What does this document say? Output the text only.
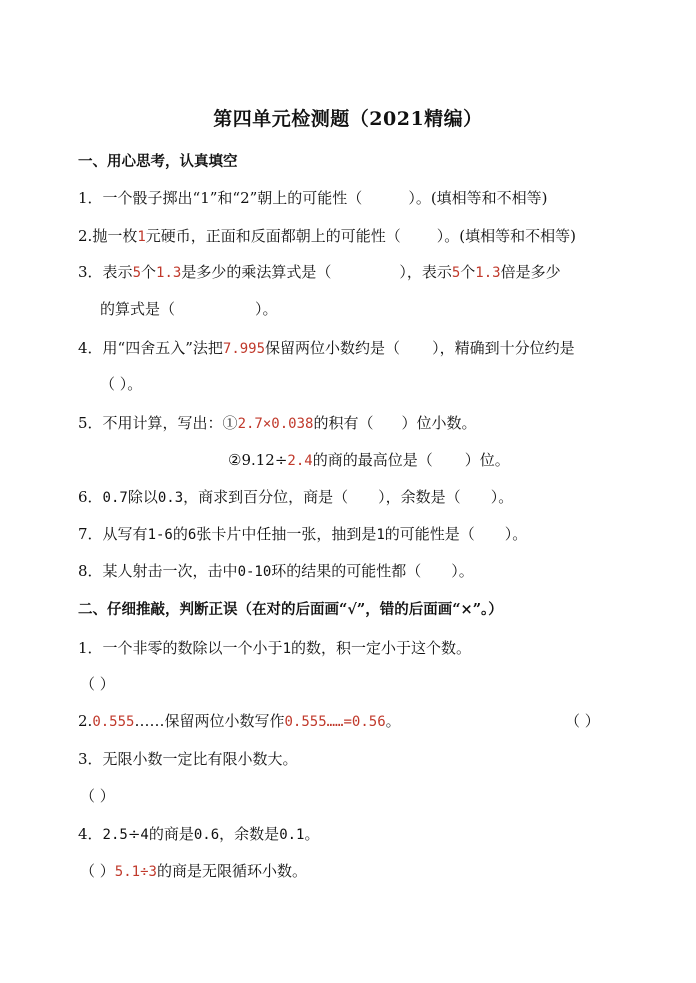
第四单元检测题（2021精编）
一、用心思考，认真填空
1．一个骰子掷出“1”和“2”朝上的可能性（	）。(填相等和不相等)
2.抛一枚1元硬币，正面和反面都朝上的可能性（ ）。(填相等和不相等)
3．表示5个1.3是多少的乘法算式是（	），表示5个1.3倍是多少
的算式是（	）。
4．用“四舍五入”法把7.995保留两位小数约是（ ），精确到十分位约是
（ ）。
5．不用计算，写出：①2.7×0.038的积有（ ）位小数。
②9.12÷2.4的商的最高位是（ ）位。
6．0.7除以0.3，商求到百分位，商是（ ），余数是（ ）。
7．从写有1-6的6张卡片中任抽一张，抽到是1的可能性是（ ）。
8．某人射击一次，击中0-10环的结果的可能性都（ ）。
二、仔细推敲，判断正误（在对的后面画“√”，错的后面画“×”。）
1．一个非零的数除以一个小于1的数，积一定小于这个数。
（ ）
2.0.555……保留两位小数写作0.555……=0.56。	（ ）
3．无限小数一定比有限小数大。
（ ）
4．2.5÷4的商是0.6，余数是0.1。
（ ）5.1÷3的商是无限循环小数。
